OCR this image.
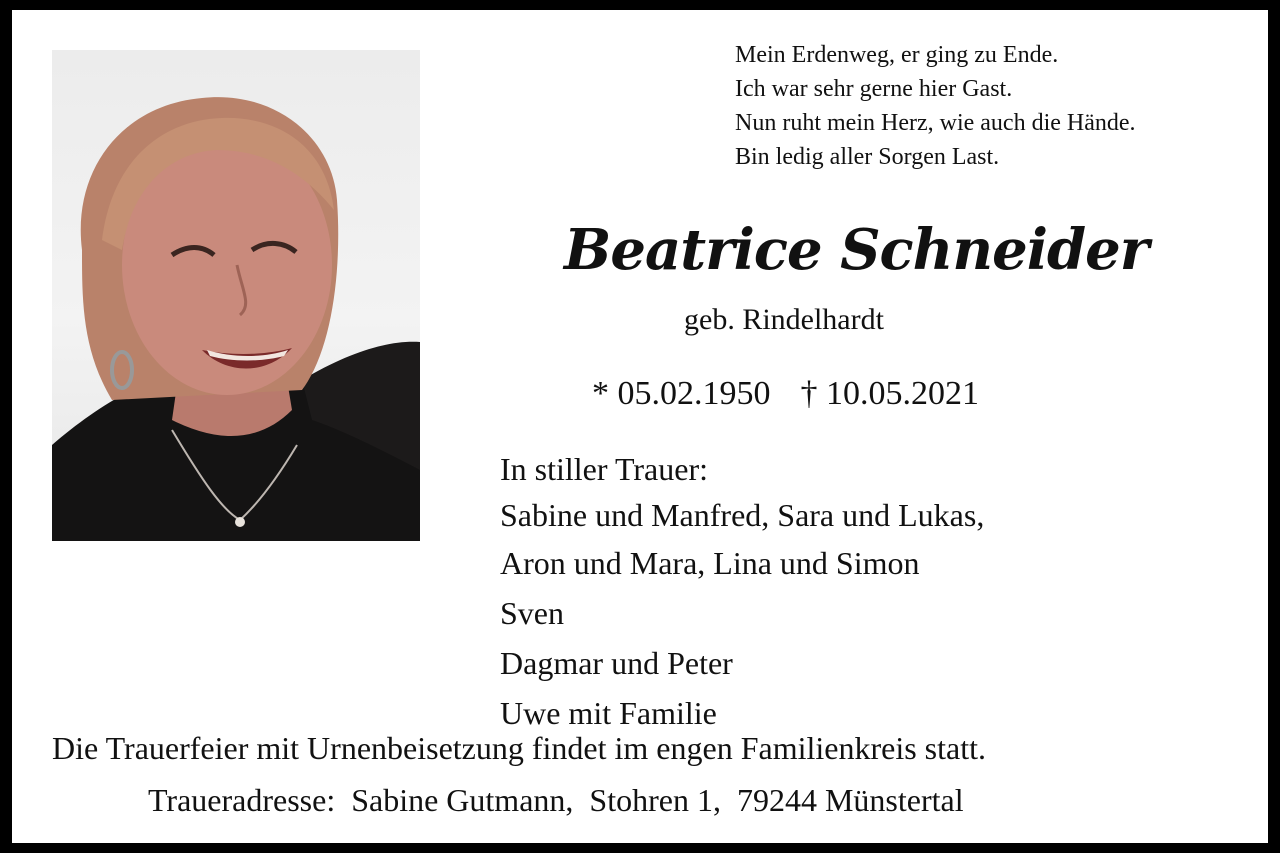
Mein Erdenweg, er ging zu Ende.
Ich war sehr gerne hier Gast.
Nun ruht mein Herz, wie auch die Hände.
Bin ledig aller Sorgen Last.
Beatrice Schneider
geb. Rindelhardt
* 05.02.1950 † 10.05.2021
In stiller Trauer:
Sabine und Manfred, Sara und Lukas,
Aron und Mara, Lina und Simon
Sven
Dagmar und Peter
Uwe mit Familie
Die Trauerfeier mit Urnenbeisetzung findet im engen Familienkreis statt.
Traueradresse:  Sabine Gutmann,  Stohren 1,  79244 Münstertal
